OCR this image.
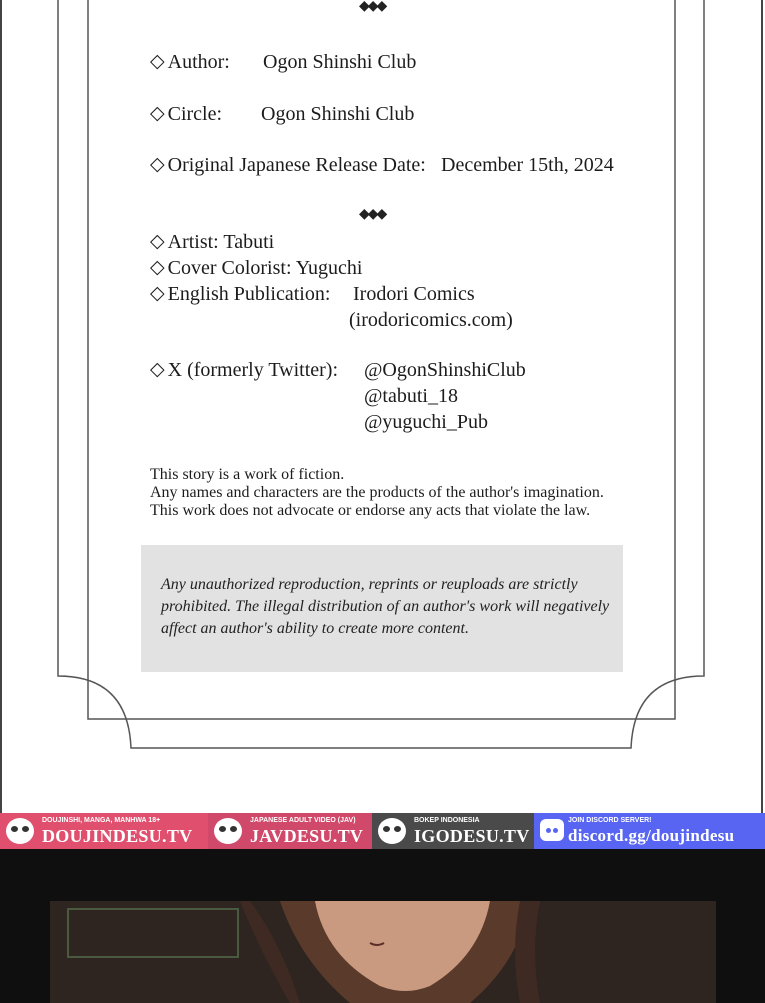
◆◆◆
◇ Author: Ogon Shinshi Club
◇ Circle: Ogon Shinshi Club
◇ Original Japanese Release Date: December 15th, 2024
◆◆◆
◇ Artist: Tabuti
◇ Cover Colorist: Yuguchi
◇ English Publication: Irodori Comics
(irodoricomics.com)
◇ X (formerly Twitter): @OgonShinshiClub
@tabuti_18
@yuguchi_Pub
This story is a work of fiction.
Any names and characters are the products of the author's imagination.
This work does not advocate or endorse any acts that violate the law.
Any unauthorized reproduction, reprints or reuploads are strictly
prohibited. The illegal distribution of an author's work will negatively
affect an author's ability to create more content.
DOUJINSHI, MANGA, MANHWA 18+
DOUJINDESU.TV
JAPANESE ADULT VIDEO (JAV)
JAVDESU.TV
BOKEP INDONESIA
IGODESU.TV
JOIN DISCORD SERVER!
discord.gg/doujindesu
